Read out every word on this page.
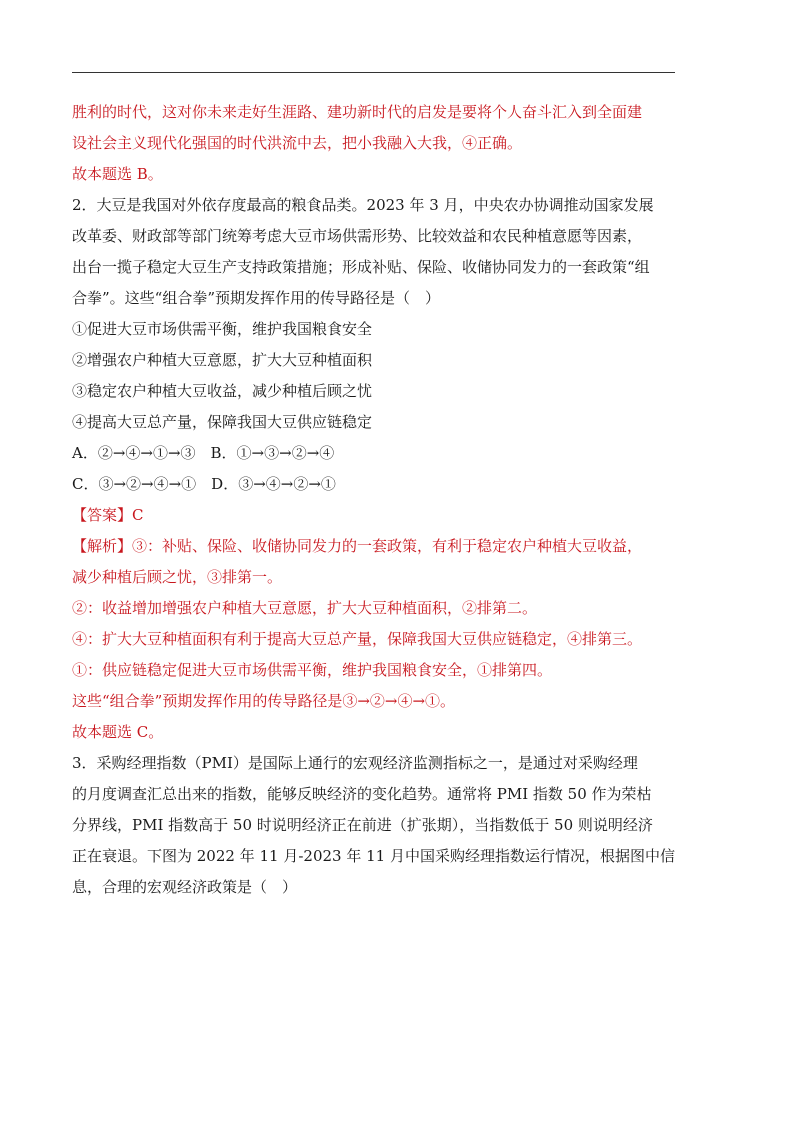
胜利的时代，这对你未来走好生涯路、建功新时代的启发是要将个人奋斗汇入到全面建
设社会主义现代化强国的时代洪流中去，把小我融入大我，④正确。
故本题选 B。
2．大豆是我国对外依存度最高的粮食品类。2023 年 3 月，中央农办协调推动国家发展
改革委、财政部等部门统筹考虑大豆市场供需形势、比较效益和农民种植意愿等因素，
出台一揽子稳定大豆生产支持政策措施；形成补贴、保险、收储协同发力的一套政策“组
合拳”。这些“组合拳”预期发挥作用的传导路径是（　）
①促进大豆市场供需平衡，维护我国粮食安全
②增强农户种植大豆意愿，扩大大豆种植面积
③稳定农户种植大豆收益，减少种植后顾之忧
④提高大豆总产量，保障我国大豆供应链稳定
A．②→④→①→③　B．①→③→②→④
C．③→②→④→①　D．③→④→②→①
【答案】C
【解析】③：补贴、保险、收储协同发力的一套政策，有利于稳定农户种植大豆收益，
减少种植后顾之忧，③排第一。
②：收益增加增强农户种植大豆意愿，扩大大豆种植面积，②排第二。
④：扩大大豆种植面积有利于提高大豆总产量，保障我国大豆供应链稳定，④排第三。
①：供应链稳定促进大豆市场供需平衡，维护我国粮食安全，①排第四。
这些“组合拳”预期发挥作用的传导路径是③→②→④→①。
故本题选 C。
3．采购经理指数（PMI）是国际上通行的宏观经济监测指标之一，是通过对采购经理
的月度调查汇总出来的指数，能够反映经济的变化趋势。通常将 PMI 指数 50 作为荣枯
分界线，PMI 指数高于 50 时说明经济正在前进（扩张期），当指数低于 50 则说明经济
正在衰退。下图为 2022 年 11 月-2023 年 11 月中国采购经理指数运行情况，根据图中信
息，合理的宏观经济政策是（　）
